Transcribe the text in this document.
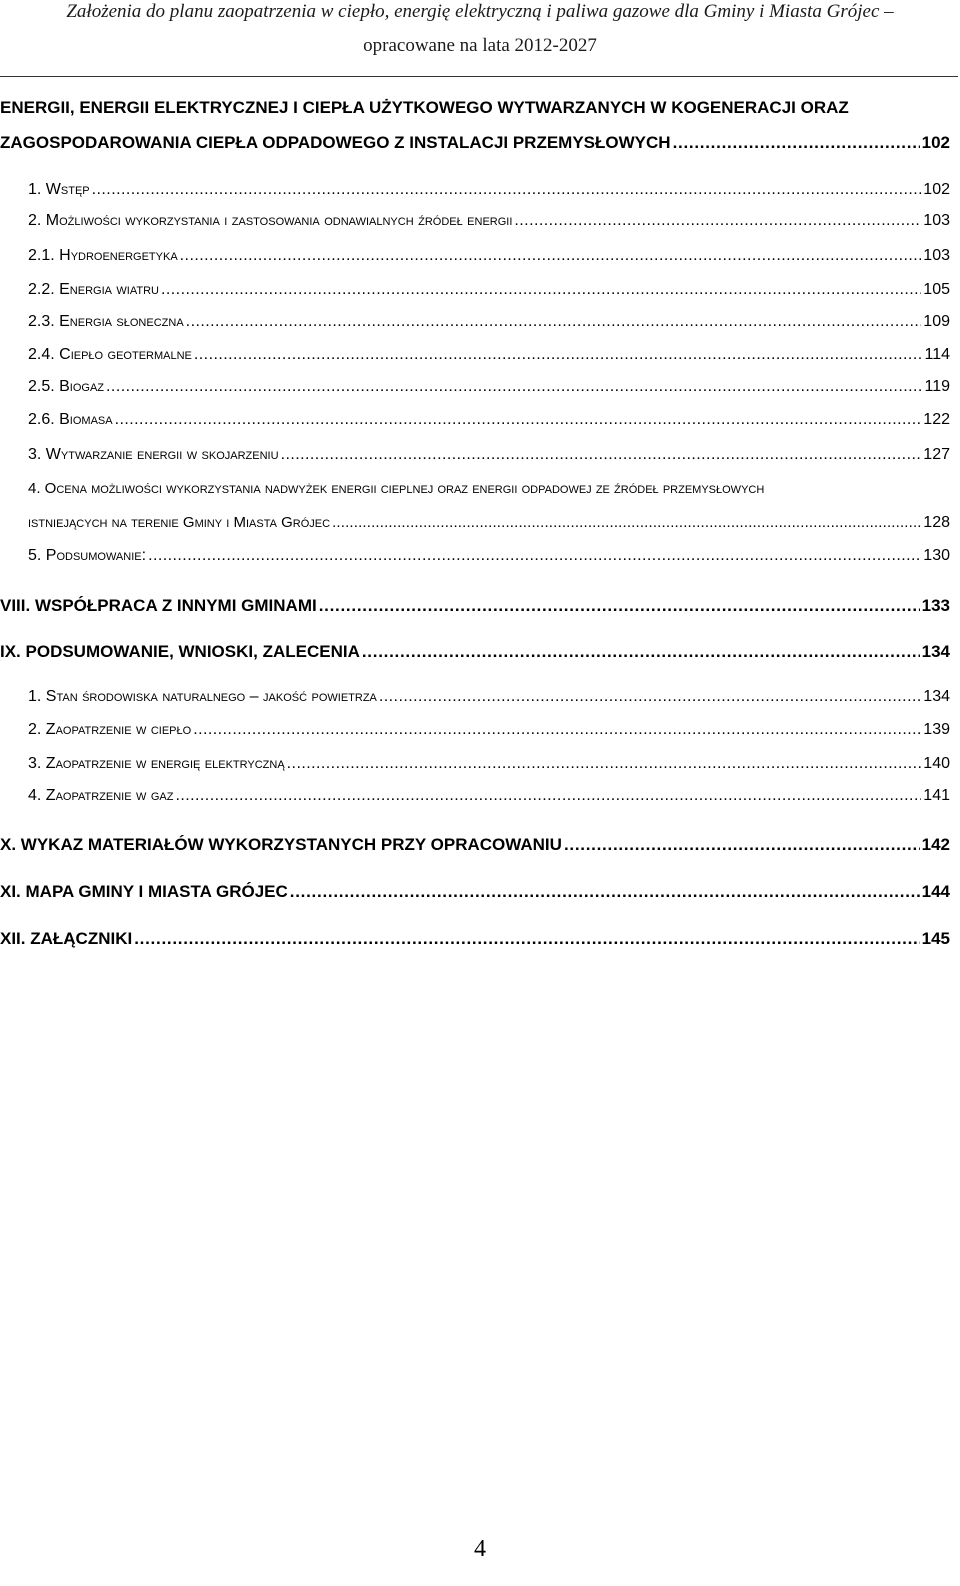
Założenia do planu zaopatrzenia w ciepło, energię elektryczną i paliwa gazowe dla Gminy i Miasta Grójec –
opracowane na lata 2012-2027
ENERGII, ENERGII ELEKTRYCZNEJ I CIEPŁA UŻYTKOWEGO WYTWARZANYCH W KOGENERACJI ORAZ
ZAGOSPODAROWANIA CIEPŁA ODPADOWEGO Z INSTALACJI PRZEMYSŁOWYCH . . .	102
1. Wstęp . . .	102
2. Możliwości wykorzystania i zastosowania odnawialnych źródeł energii . . .	103
2.1. Hydroenergetyka . . .	103
2.2. Energia wiatru . . .	105
2.3. Energia słoneczna . . .	109
2.4. Ciepło geotermalne . . .	114
2.5. Biogaz . . .	119
2.6. Biomasa . . .	122
3. Wytwarzanie energii w skojarzeniu . . .	127
4. Ocena możliwości wykorzystania nadwyżek energii cieplnej oraz energii odpadowej ze źródeł przemysłowych
istniejących na terenie Gminy i Miasta Grójec . . .	128
5. Podsumowanie: . . .	130
VIII. WSPÓŁPRACA Z INNYMI GMINAMI . . .	133
IX. PODSUMOWANIE, WNIOSKI, ZALECENIA . . .	134
1. Stan środowiska naturalnego – jakość powietrza . . .	134
2. Zaopatrzenie w ciepło . . .	139
3. Zaopatrzenie w energię elektryczną . . .	140
4. Zaopatrzenie w gaz . . .	141
X. WYKAZ MATERIAŁÓW WYKORZYSTANYCH PRZY OPRACOWANIU . . .	142
XI. MAPA GMINY I MIASTA GRÓJEC . . .	144
XII. ZAŁĄCZNIKI . . .	145
4
